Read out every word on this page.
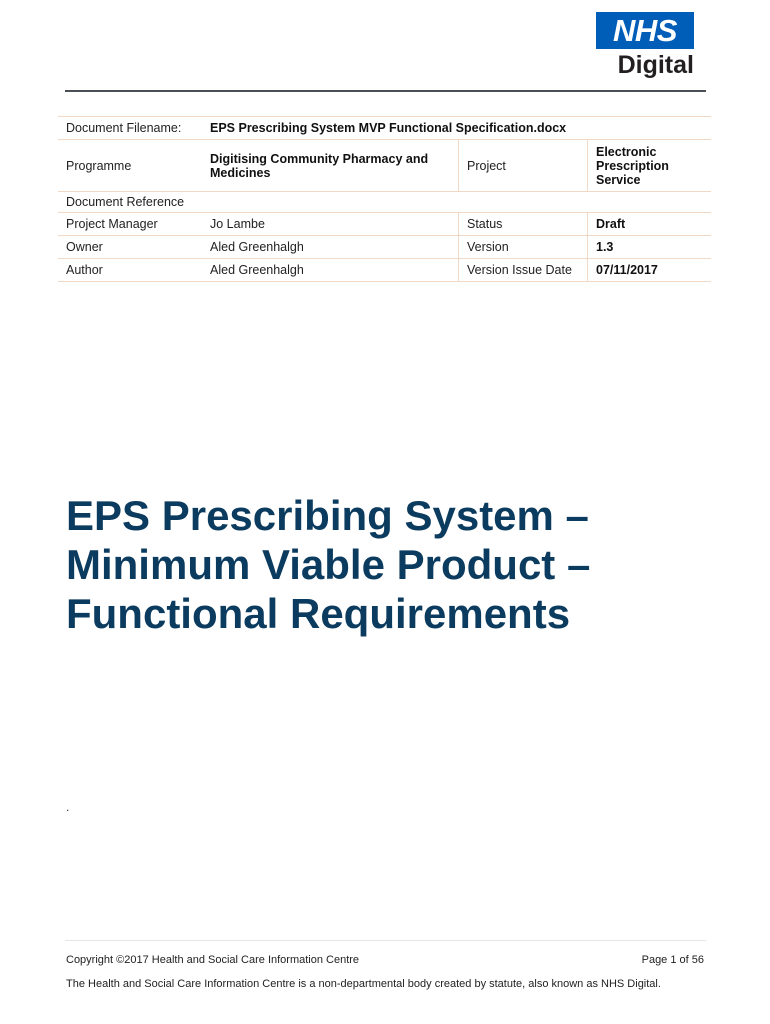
NHS
Digital
Document Filename:	EPS Prescribing System MVP Functional Specification.docx		
Programme	Digitising Community Pharmacy and Medicines	Project	Electronic Prescription Service
Document Reference			
Project Manager	Jo Lambe	Status	Draft
Owner	Aled Greenhalgh	Version	1.3
Author	Aled Greenhalgh	Version Issue Date	07/11/2017
EPS Prescribing System –
Minimum Viable Product –
Functional Requirements
.
Copyright ©2017 Health and Social Care Information Centre	Page 1 of 56
The Health and Social Care Information Centre is a non-departmental body created by statute, also known as NHS Digital.
